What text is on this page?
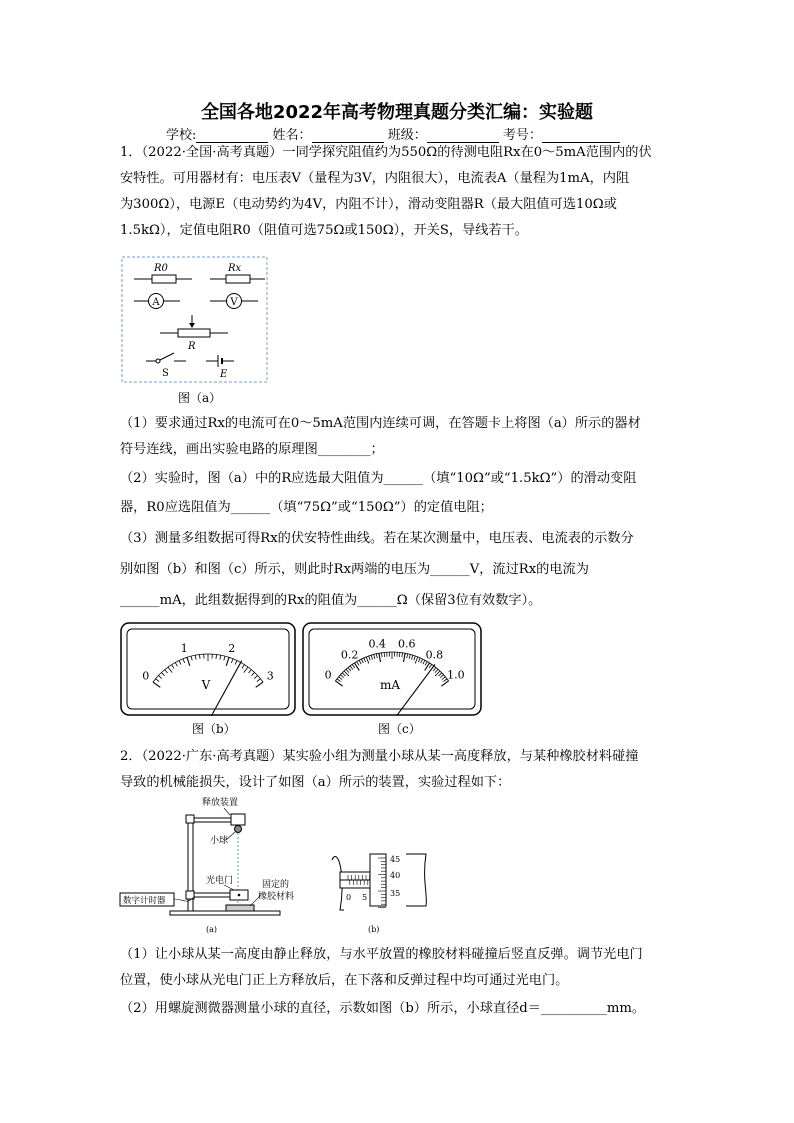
全国各地2022年高考物理真题分类汇编：实验题
学校:	姓名：	班级：	考号：
1．（2022·全国·高考真题）一同学探究阻值约为550Ω的待测电阻Rx在0～5mA范围内的伏
安特性。可用器材有：电压表V（量程为3V，内阻很大），电流表A（量程为1mA，内阻
为300Ω），电源E（电动势约为4V，内阻不计），滑动变阻器R（最大阻值可选10Ω或
1.5kΩ），定值电阻R0（阻值可选75Ω或150Ω），开关S，导线若干。
R0	Rx
A	V
R
S	E
图（a）
（1）要求通过Rx的电流可在0～5mA范围内连续可调，在答题卡上将图（a）所示的器材
符号连线，画出实验电路的原理图________；
（2）实验时，图（a）中的R应选最大阻值为______（填“10Ω”或“1.5kΩ”）的滑动变阻
器，R0应选阻值为______（填“75Ω”或“150Ω”）的定值电阻；
（3）测量多组数据可得Rx的伏安特性曲线。若在某次测量中，电压表、电流表的示数分
别如图（b）和图（c）所示，则此时Rx两端的电压为______V，流过Rx的电流为
______mA，此组数据得到的Rx的阻值为______Ω（保留3位有效数字）。
0
1	2
3
V
图（b）
0
0.2
0.4 0.6
0.8
1.0
mA
图（c）
2．（2022·广东·高考真题）某实验小组为测量小球从某一高度释放，与某种橡胶材料碰撞
导致的机械能损失，设计了如图（a）所示的装置，实验过程如下：
释放装置
小球
光电门	固定的
橡胶材料
数字计时器
(a)
0 5
45
40
35
(b)
（1）让小球从某一高度由静止释放，与水平放置的橡胶材料碰撞后竖直反弹。调节光电门
位置，使小球从光电门正上方释放后，在下落和反弹过程中均可通过光电门。
（2）用螺旋测微器测量小球的直径，示数如图（b）所示，小球直径d＝__________mm。
